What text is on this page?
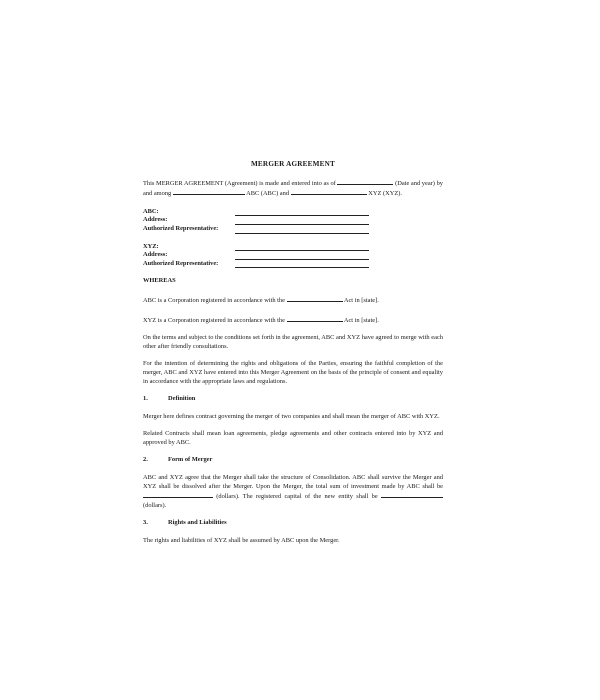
MERGER AGREEMENT

This MERGER AGREEMENT (Agreement) is made and entered into as of	(Date and year) by and among	ABC (ABC) and	XYZ (XYZ).

ABC:
Address:
Authorized Representative:
XYZ:
Address:
Authorized Representative:
WHEREAS

ABC is a Corporation registered in accordance with the	Act in [state].

XYZ is a Corporation registered in accordance with the	Act in [state].

On the terms and subject to the conditions set forth in the agreement, ABC and XYZ have agreed to merge with each other after friendly consultations.

For the intention of determining the rights and obligations of the Parties, ensuring the faithful completion of the merger, ABC and XYZ have entered into this Merger Agreement on the basis of the principle of consent and equality in accordance with the appropriate laws and regulations.

1.	Definition

Merger here defines contract governing the merger of two companies and shall mean the merger of ABC with XYZ.

Related Contracts shall mean loan agreements, pledge agreements and other contracts entered into by XYZ and approved by ABC.

2.	Form of Merger

ABC and XYZ agree that the Merger shall take the structure of Consolidation. ABC shall survive the Merger and XYZ shall be dissolved after the Merger. Upon the Merger, the total sum of investment made by ABC shall be  (dollars). The registered capital of the new entity shall be  (dollars).

3.	Rights and Liabilities

The rights and liabilities of XYZ shall be assumed by ABC upon the Merger.
